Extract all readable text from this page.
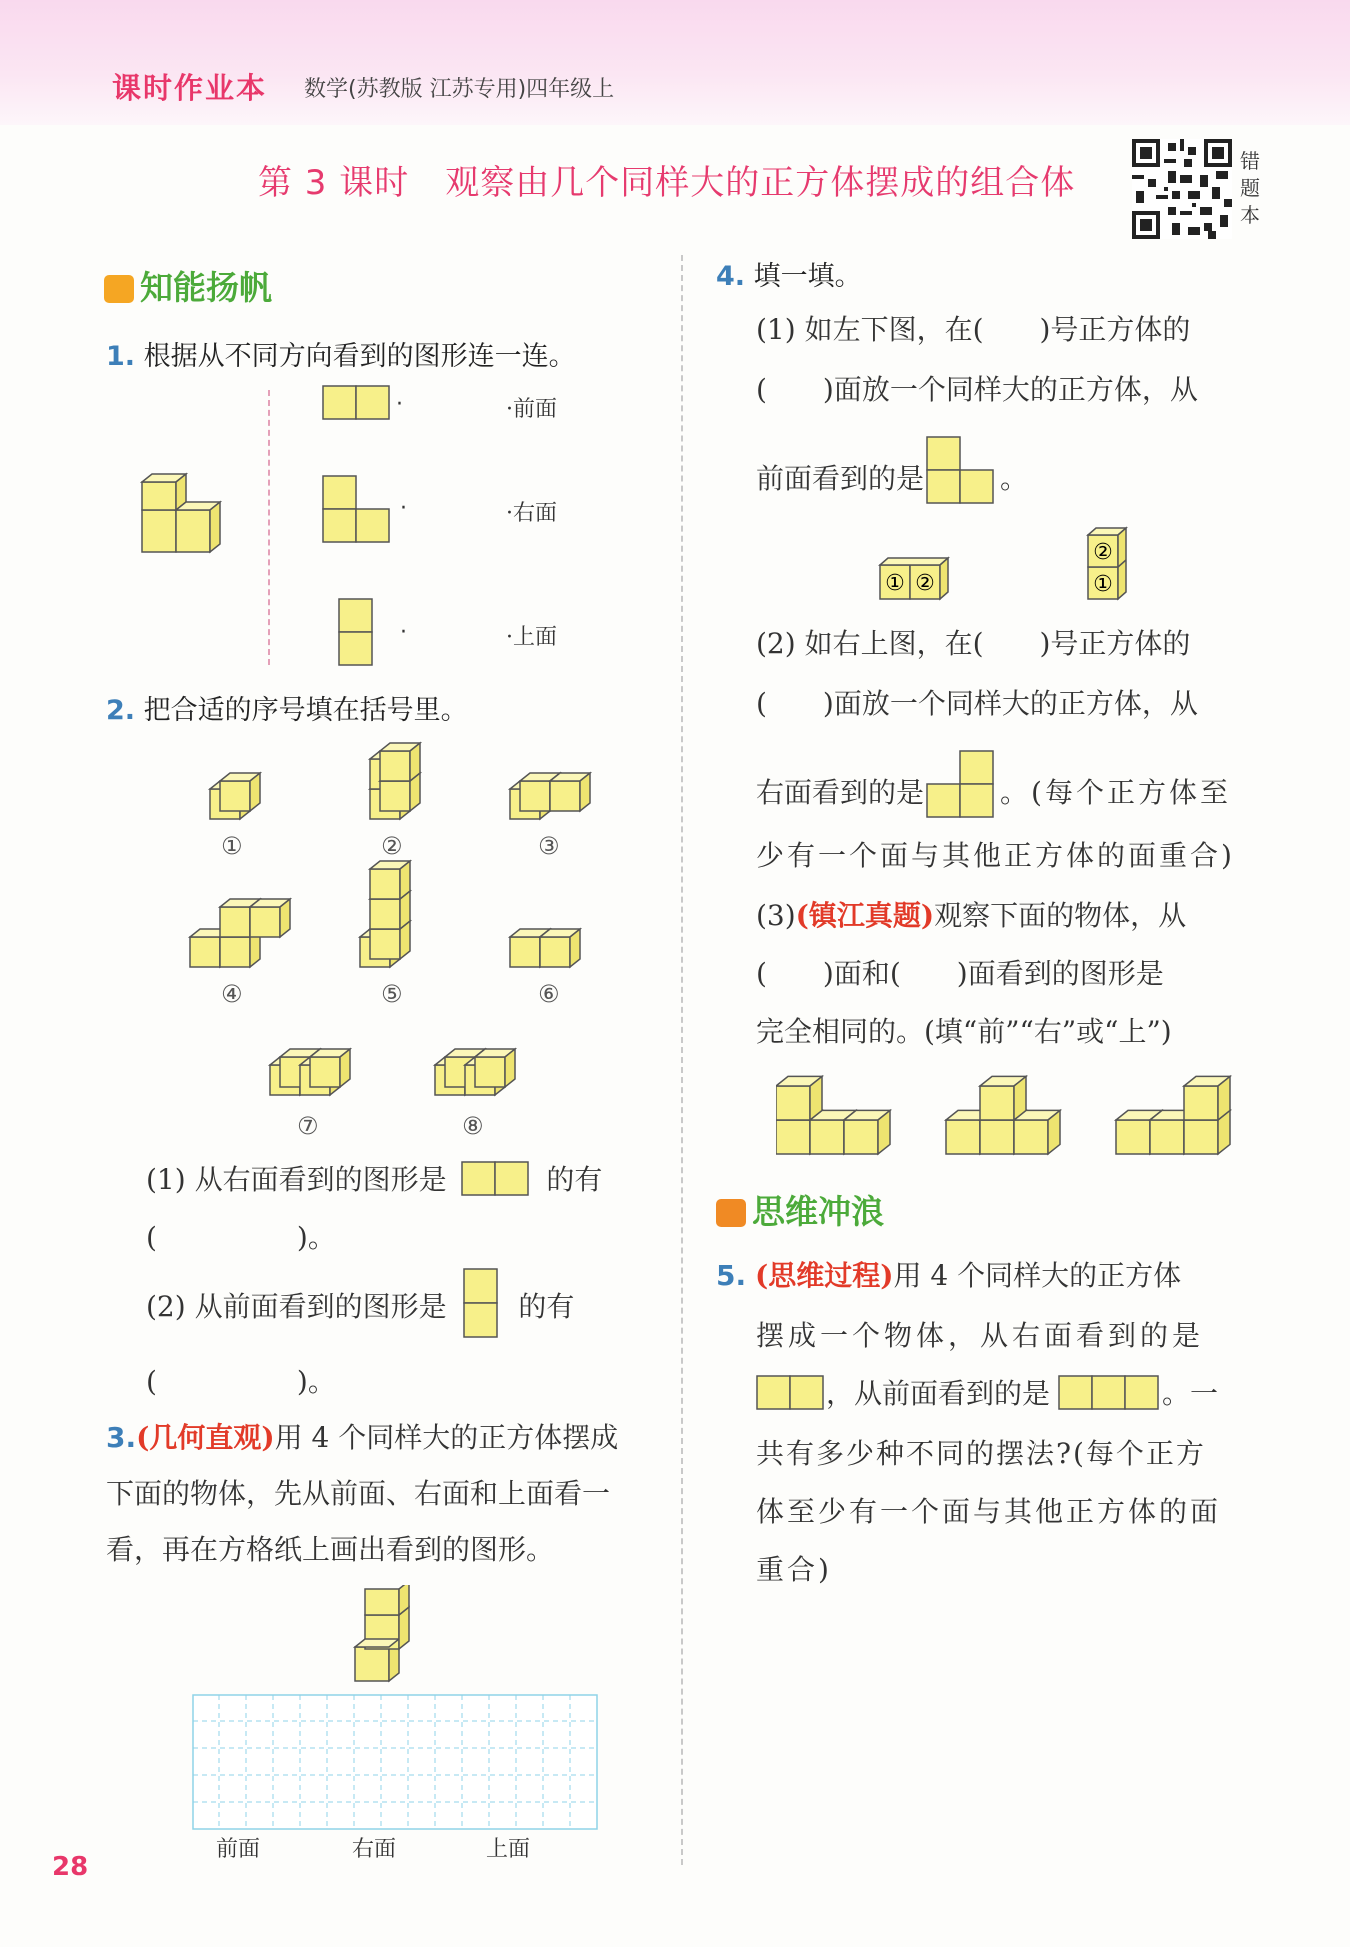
课时作业本 数学(苏教版 江苏专用)四年级上
第 3 课时 观察由几个同样大的正方体摆成的组合体
错题本
知能扬帆
1. 根据从不同方向看到的图形连一连。
·
·
·
·前面
·右面
·上面
2. 把合适的序号填在括号里。
①	②	③
④	⑤	⑥
⑦	⑧
(1) 从右面看到的图形是	的有
(　　　　　)。
(2) 从前面看到的图形是	的有
(　　　　　)。
3.(几何直观)用 4 个同样大的正方体摆成
下面的物体，先从前面、右面和上面看一
看，再在方格纸上画出看到的图形。
前面	右面	上面
4. 填一填。
(1) 如左下图，在(　　)号正方体的
(　　)面放一个同样大的正方体，从
前面看到的是	。
① ②
②
①
(2) 如右上图，在(　　)号正方体的
(　　)面放一个同样大的正方体，从
右面看到的是	。(每个正方体至
少有一个面与其他正方体的面重合)
(3)(镇江真题)观察下面的物体，从
(　　)面和(　　)面看到的图形是
完全相同的。(填“前”“右”或“上”)
思维冲浪
5. (思维过程)用 4 个同样大的正方体
摆成一个物体，从右面看到的是
，从前面看到的是	。一
共有多少种不同的摆法?(每个正方
体至少有一个面与其他正方体的面
重合)
28
